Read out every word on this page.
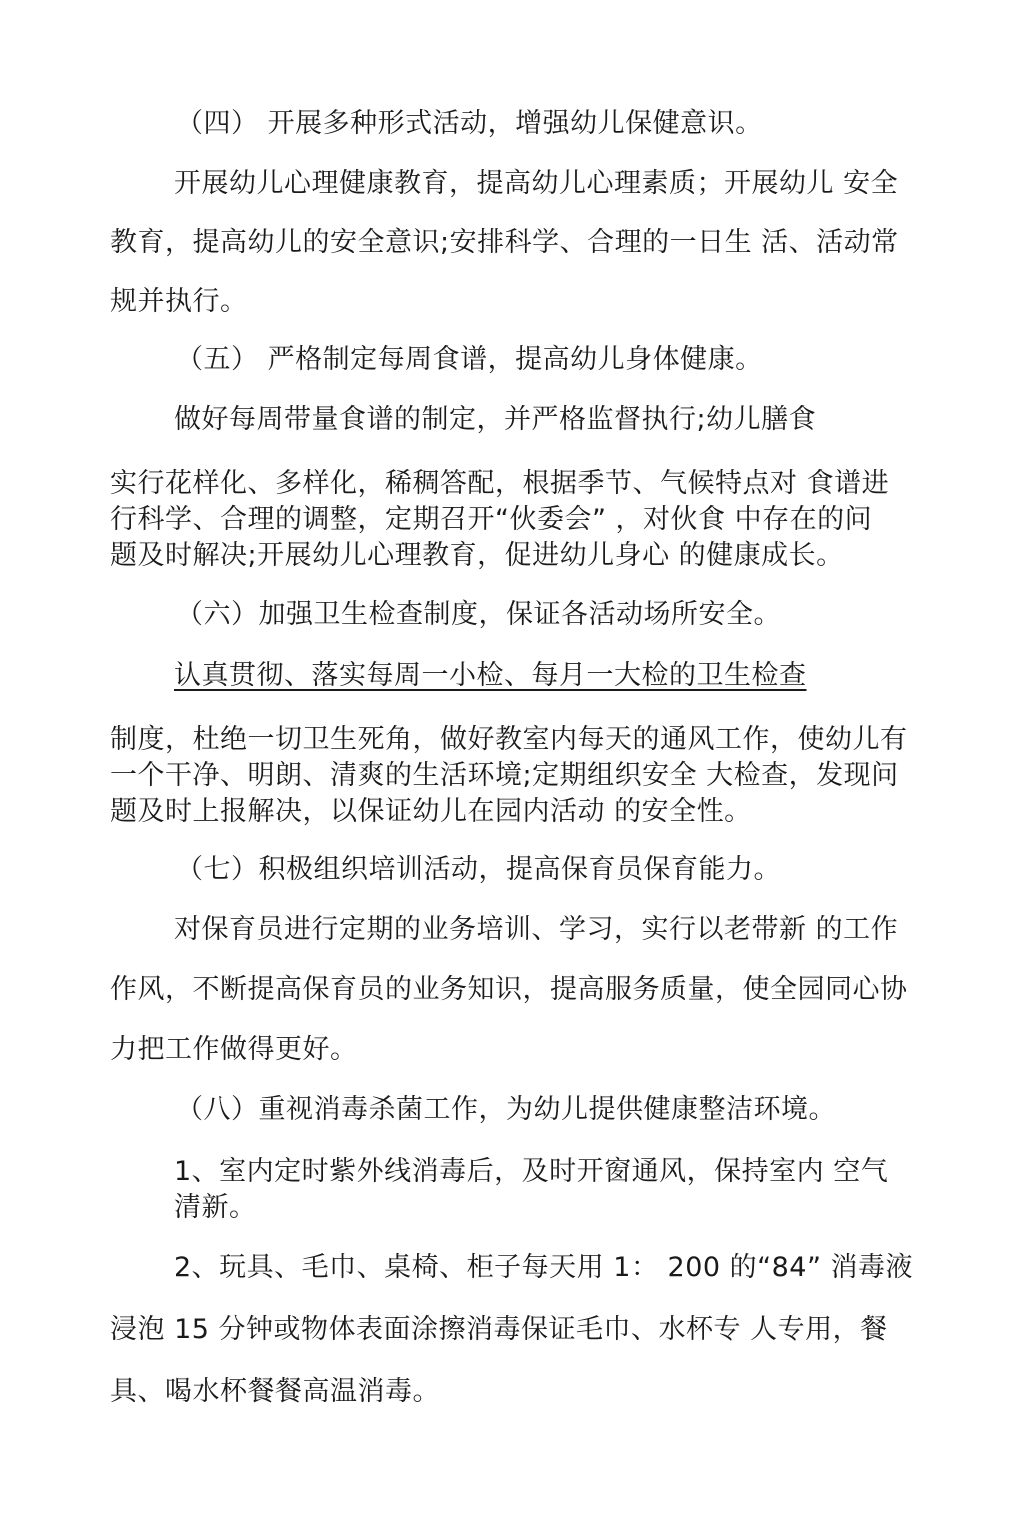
（四） 开展多种形式活动，增强幼儿保健意识。
开展幼儿心理健康教育，提高幼儿心理素质；开展幼儿 安全
教育，提高幼儿的安全意识;安排科学、合理的一日生 活、活动常
规并执行。
（五） 严格制定每周食谱，提高幼儿身体健康。
做好每周带量食谱的制定，并严格监督执行;幼儿膳食
实行花样化、多样化，稀稠答配，根据季节、气候特点对 食谱进
行科学、合理的调整，定期召开“伙委会” ，对伙食 中存在的问
题及时解决;开展幼儿心理教育，促进幼儿身心 的健康成长。
（六）加强卫生检查制度，保证各活动场所安全。
认真贯彻、落实每周一小检、每月一大检的卫生检查
制度，杜绝一切卫生死角，做好教室内每天的通风工作，使幼儿有
一个干净、明朗、清爽的生活环境;定期组织安全 大检查，发现问
题及时上报解决，以保证幼儿在园内活动 的安全性。
（七）积极组织培训活动，提高保育员保育能力。
对保育员进行定期的业务培训、学习，实行以老带新 的工作
作风，不断提高保育员的业务知识，提高服务质量，使全园同心协
力把工作做得更好。
（八）重视消毒杀菌工作，为幼儿提供健康整洁环境。
1、室内定时紫外线消毒后，及时开窗通风，保持室内 空气
清新。
2、玩具、毛巾、桌椅、柜子每天用 1： 200 的“84” 消毒液
浸泡 15 分钟或物体表面涂擦消毒保证毛巾、水杯专 人专用，餐
具、喝水杯餐餐高温消毒。
